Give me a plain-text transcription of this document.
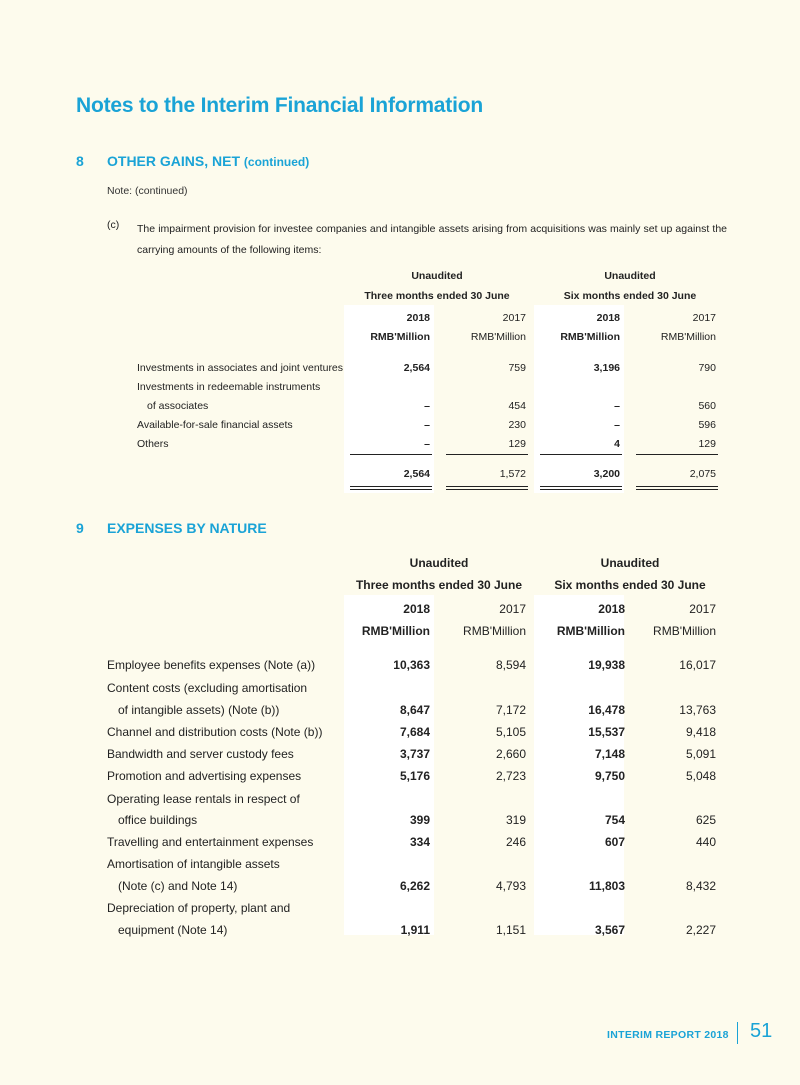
Notes to the Interim Financial Information
8 OTHER GAINS, NET (continued)
Note: (continued)
(c) The impairment provision for investee companies and intangible assets arising from acquisitions was mainly set up against the carrying amounts of the following items:
Unaudited
Three months ended 30 June
Unaudited
Six months ended 30 June
2018	2017	2018	2017
RMB'Million	RMB'Million	RMB'Million	RMB'Million
Investments in associates and joint ventures	2,564	759	3,196	790
Investments in redeemable instruments
of associates	–	454	–	560
Available-for-sale financial assets	–	230	–	596
Others	–	129	4	129
2,564	1,572	3,200	2,075
9 EXPENSES BY NATURE
Unaudited
Three months ended 30 June
Unaudited
Six months ended 30 June
2018	2017	2018	2017
RMB'Million	RMB'Million	RMB'Million	RMB'Million
Employee benefits expenses (Note (a))	10,363	8,594	19,938	16,017
Content costs (excluding amortisation
of intangible assets) (Note (b))	8,647	7,172	16,478	13,763
Channel and distribution costs (Note (b))	7,684	5,105	15,537	9,418
Bandwidth and server custody fees	3,737	2,660	7,148	5,091
Promotion and advertising expenses	5,176	2,723	9,750	5,048
Operating lease rentals in respect of
office buildings	399	319	754	625
Travelling and entertainment expenses	334	246	607	440
Amortisation of intangible assets
(Note (c) and Note 14)	6,262	4,793	11,803	8,432
Depreciation of property, plant and
equipment (Note 14)	1,911	1,151	3,567	2,227
INTERIM REPORT 2018 51
